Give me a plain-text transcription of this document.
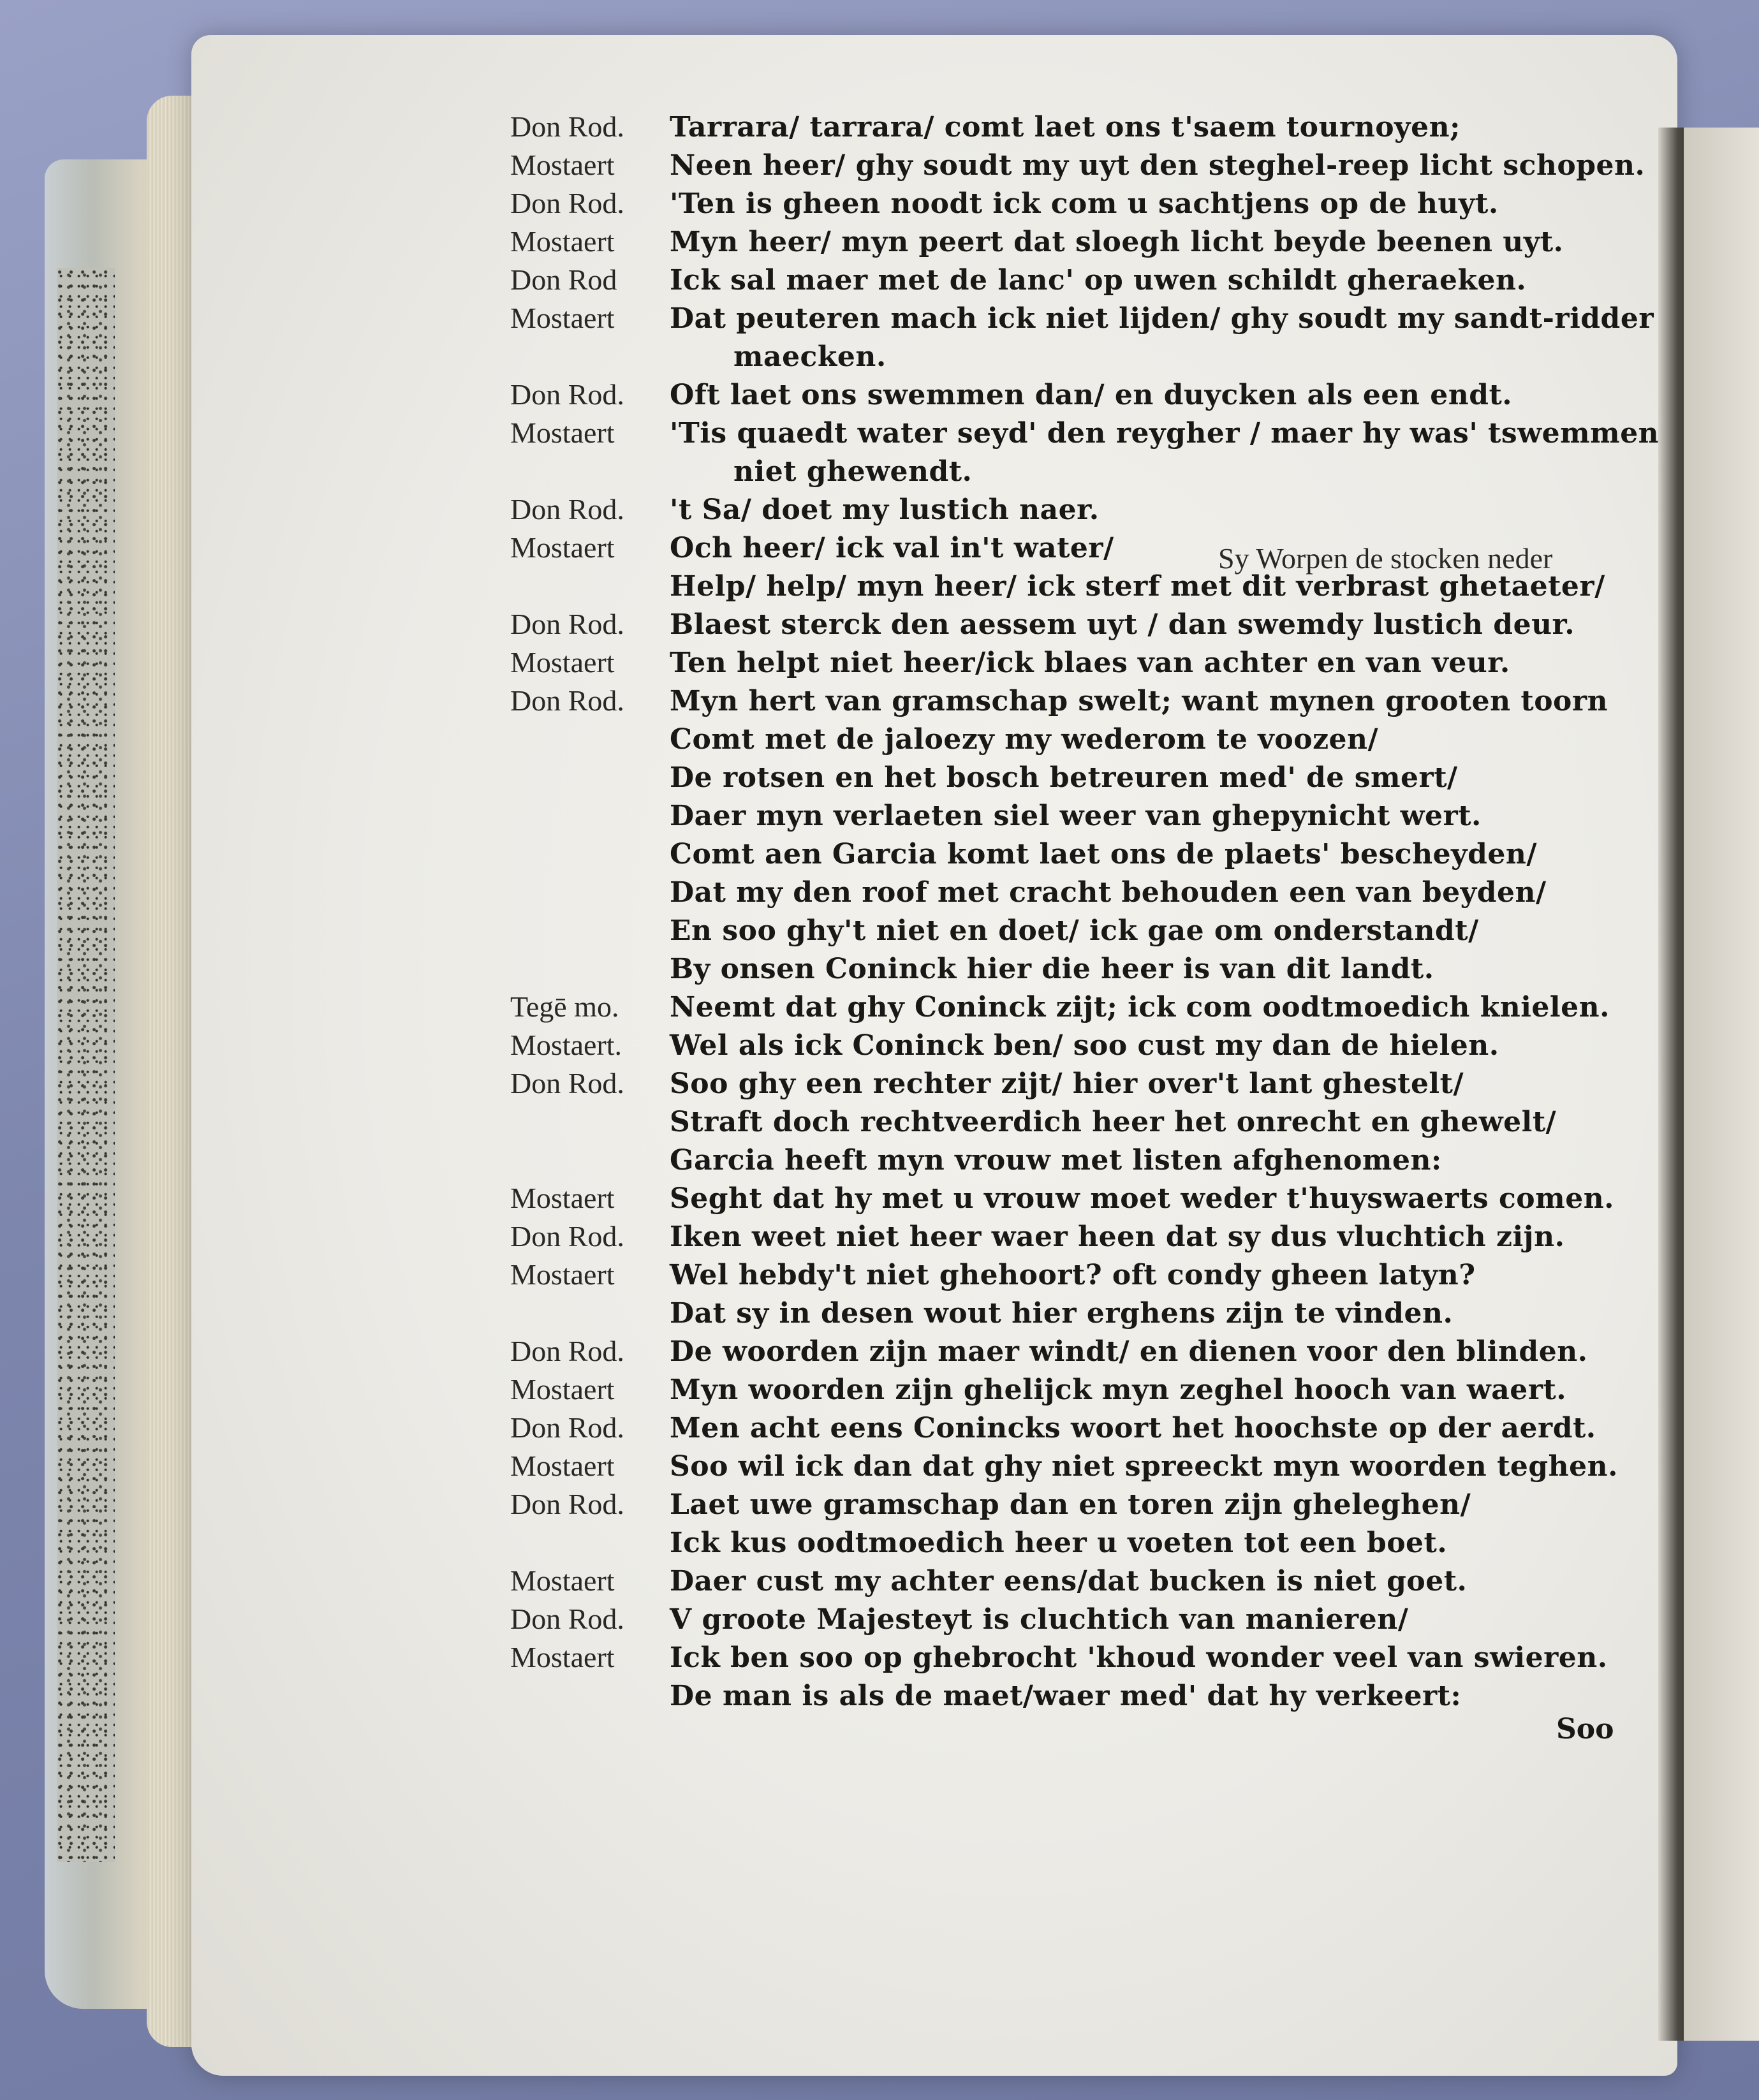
Don Rod. Tarrara/ tarrara/ comt laet ons t'saem tournoyen;
Mostaert Neen heer/ ghy soudt my uyt den steghel-reep licht schopen.
Don Rod. 'Ten is gheen noodt ick com u sachtjens op de huyt.
Mostaert Myn heer/ myn peert dat sloegh licht beyde beenen uyt.
Don Rod Ick sal maer met de lanc' op uwen schildt gheraeken.
Mostaert Dat peuteren mach ick niet lijden/ ghy soudt my sandt-ridder
maecken.
Don Rod. Oft laet ons swemmen dan/ en duycken als een endt.
Mostaert 'Tis quaedt water seyd' den reygher / maer hy was' tswemmen
niet ghewendt.
Don Rod. 't Sa/ doet my lustich naer.
Mostaert Och heer/ ick val in't water/
Help/ help/ myn heer/ ick sterf met dit verbrast ghetaeter/
Don Rod. Blaest sterck den aessem uyt / dan swemdy lustich deur.
Mostaert Ten helpt niet heer/ick blaes van achter en van veur.
Don Rod. Myn hert van gramschap swelt; want mynen grooten toorn
Comt met de jaloezy my wederom te voozen/
De rotsen en het bosch betreuren med' de smert/
Daer myn verlaeten siel weer van ghepynicht wert.
Comt aen Garcia komt laet ons de plaets' bescheyden/
Dat my den roof met cracht behouden een van beyden/
En soo ghy't niet en doet/ ick gae om onderstandt/
By onsen Coninck hier die heer is van dit landt.
Tegē mo. Neemt dat ghy Coninck zijt; ick com oodtmoedich knielen.
Mostaert. Wel als ick Coninck ben/ soo cust my dan de hielen.
Don Rod. Soo ghy een rechter zijt/ hier over't lant ghestelt/
Straft doch rechtveerdich heer het onrecht en ghewelt/
Garcia heeft myn vrouw met listen afghenomen:
Mostaert Seght dat hy met u vrouw moet weder t'huyswaerts comen.
Don Rod. Iken weet niet heer waer heen dat sy dus vluchtich zijn.
Mostaert Wel hebdy't niet ghehoort? oft condy gheen latyn?
Dat sy in desen wout hier erghens zijn te vinden.
Don Rod. De woorden zijn maer windt/ en dienen voor den blinden.
Mostaert Myn woorden zijn ghelijck myn zeghel hooch van waert.
Don Rod. Men acht eens Conincks woort het hoochste op der aerdt.
Mostaert Soo wil ick dan dat ghy niet spreeckt myn woorden teghen.
Don Rod. Laet uwe gramschap dan en toren zijn gheleghen/
Ick kus oodtmoedich heer u voeten tot een boet.
Mostaert Daer cust my achter eens/dat bucken is niet goet.
Don Rod. V groote Majesteyt is cluchtich van manieren/
Mostaert Ick ben soo op ghebrocht 'khoud wonder veel van swieren.
De man is als de maet/waer med' dat hy verkeert:
Sy Worpen de stocken neder
Soo
